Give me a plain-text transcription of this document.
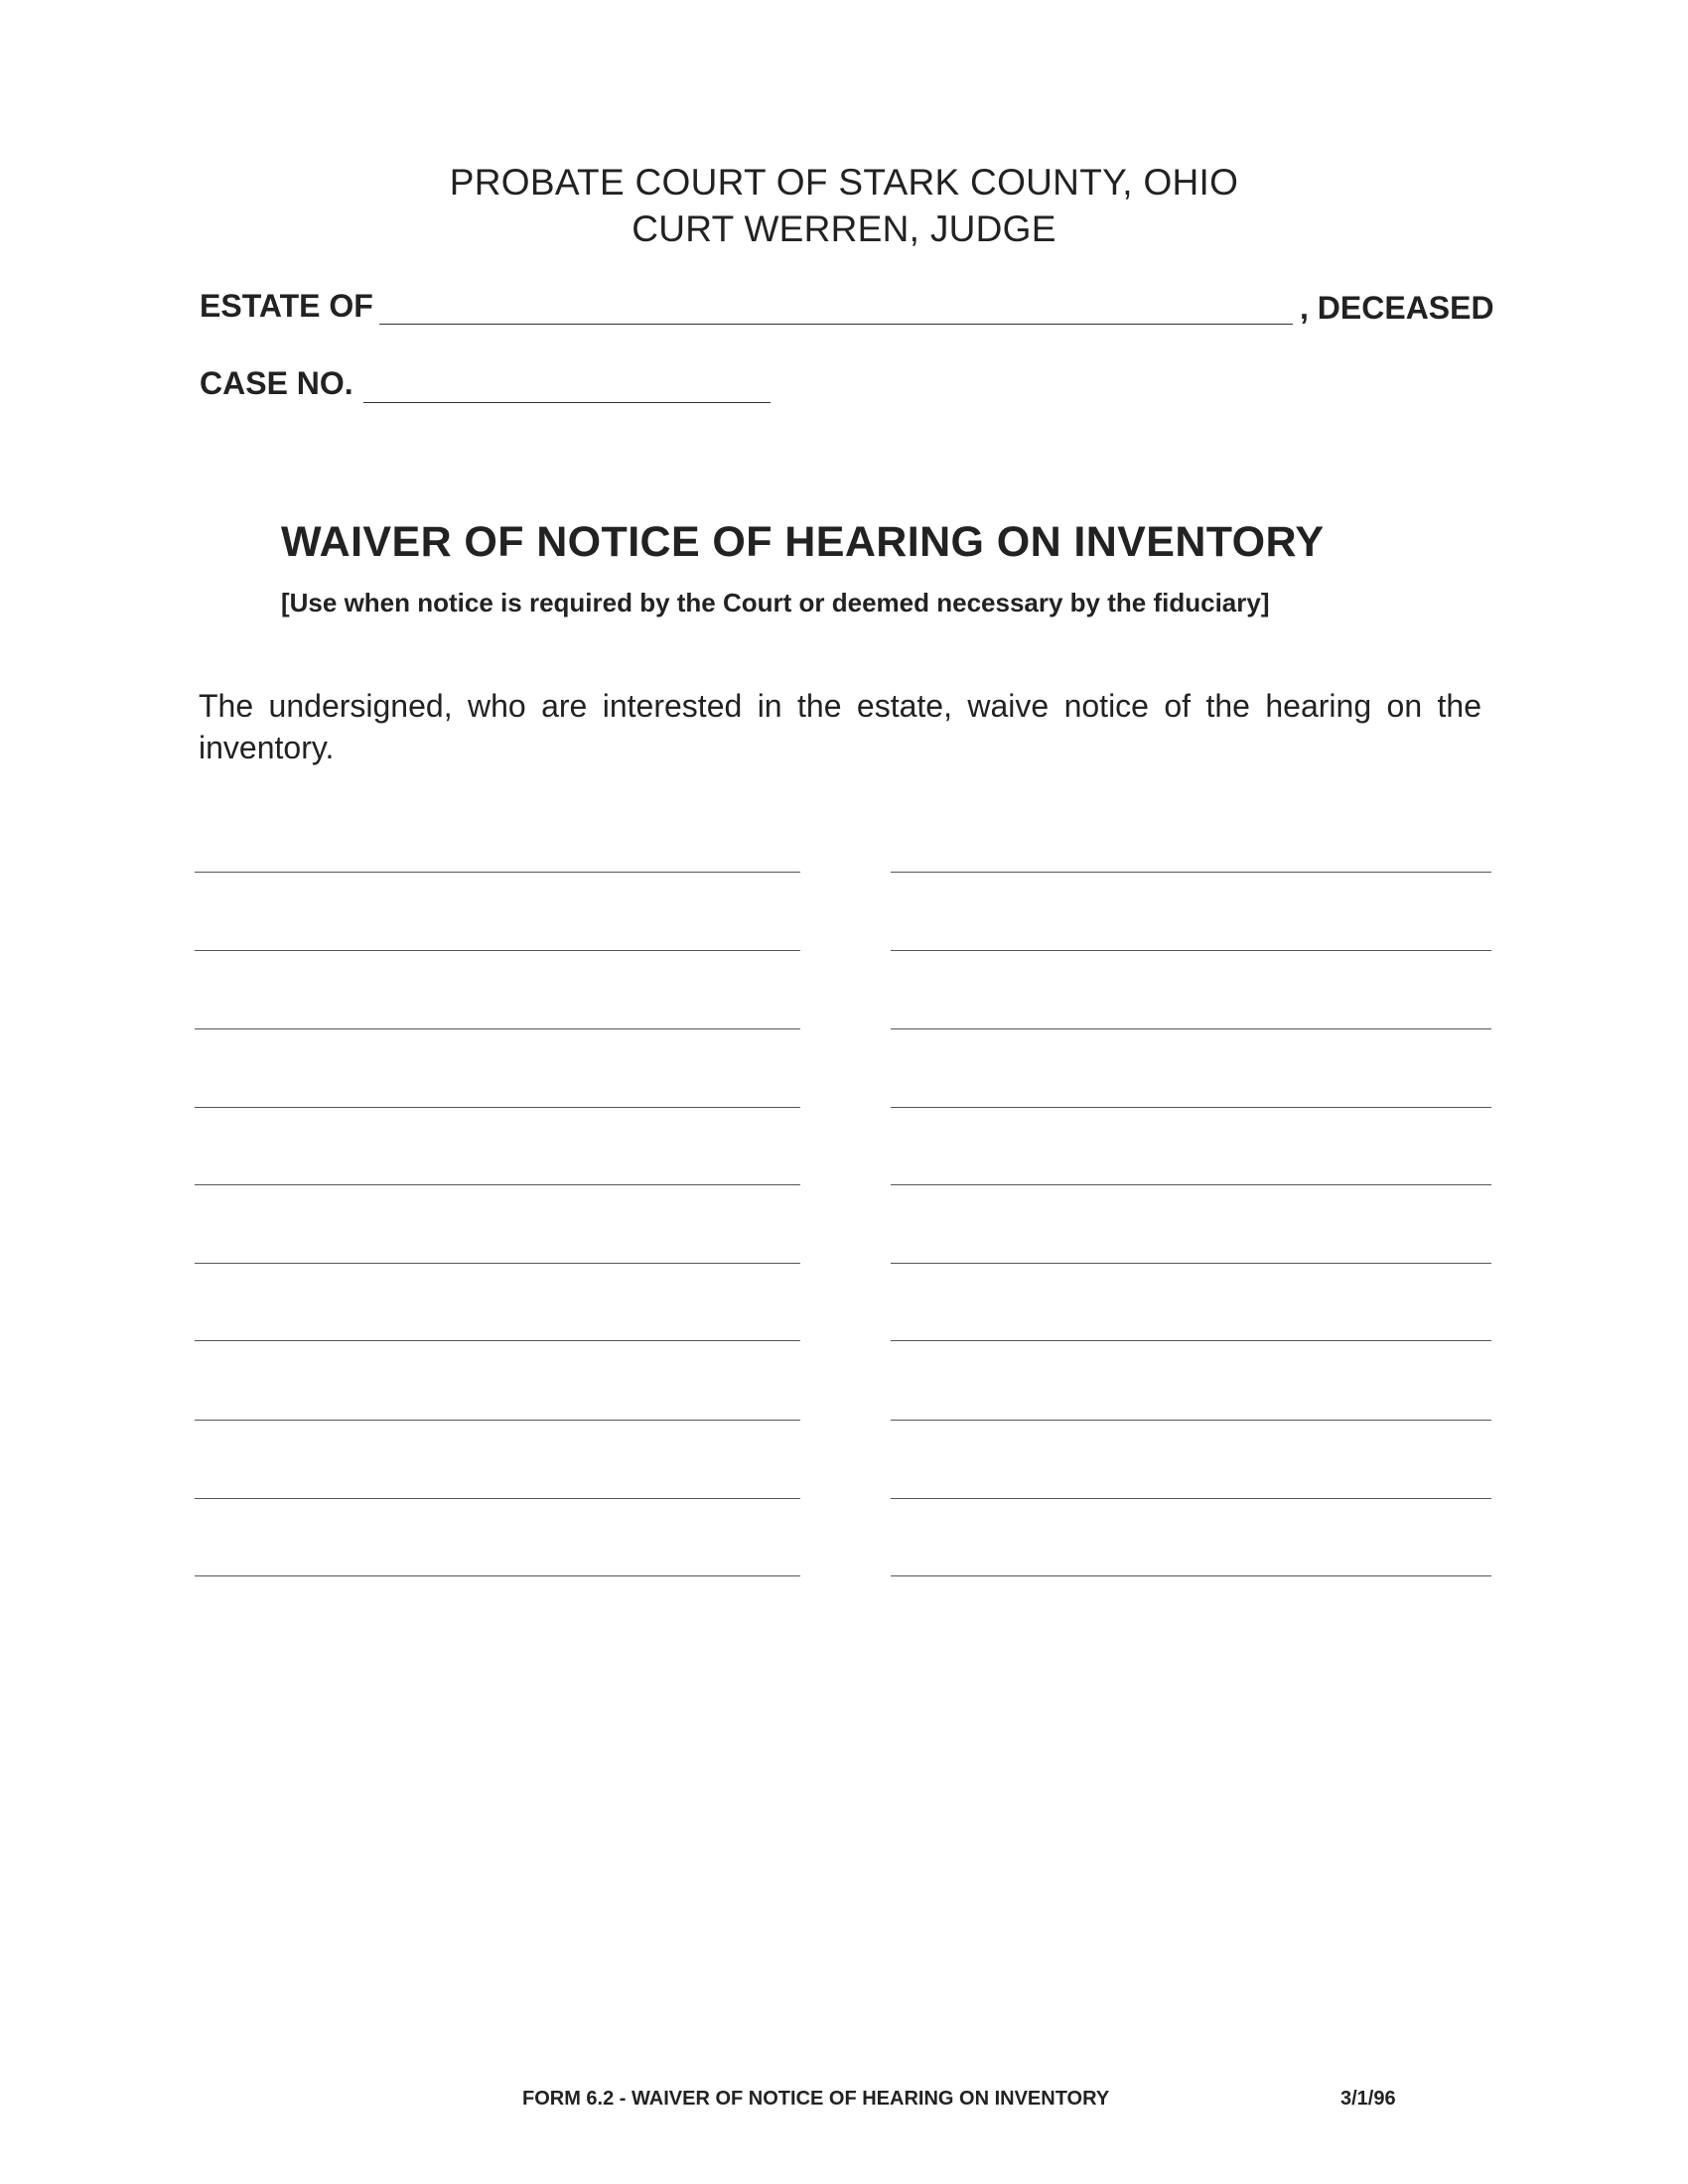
PROBATE COURT OF STARK COUNTY, OHIO
CURT WERREN, JUDGE
ESTATE OF	, DECEASED
CASE NO.
WAIVER OF NOTICE OF HEARING ON INVENTORY
[Use when notice is required by the Court or deemed necessary by the fiduciary]
The undersigned, who are interested in the estate, waive notice of the hearing on the inventory.
FORM 6.2 - WAIVER OF NOTICE OF HEARING ON INVENTORY	3/1/96
